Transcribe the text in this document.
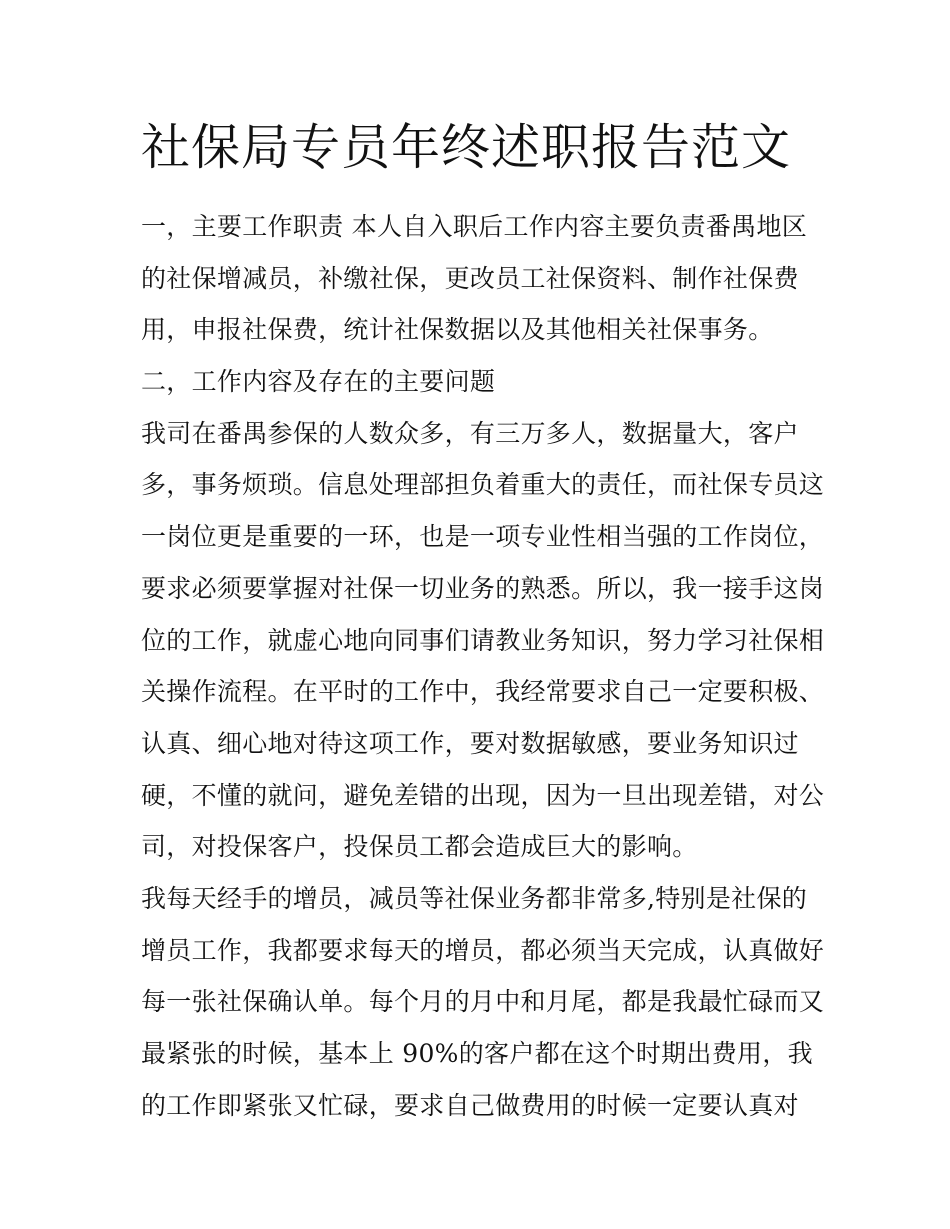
社保局专员年终述职报告范文
一，主要工作职责 本人自入职后工作内容主要负责番禺地区
的社保增减员，补缴社保，更改员工社保资料、制作社保费
用，申报社保费，统计社保数据以及其他相关社保事务。
二，工作内容及存在的主要问题
我司在番禺参保的人数众多，有三万多人，数据量大，客户
多，事务烦琐。信息处理部担负着重大的责任，而社保专员这
一岗位更是重要的一环，也是一项专业性相当强的工作岗位，
要求必须要掌握对社保一切业务的熟悉。所以，我一接手这岗
位的工作，就虚心地向同事们请教业务知识，努力学习社保相
关操作流程。在平时的工作中，我经常要求自己一定要积极、
认真、细心地对待这项工作，要对数据敏感，要业务知识过
硬，不懂的就问，避免差错的出现，因为一旦出现差错，对公
司，对投保客户，投保员工都会造成巨大的影响。
我每天经手的增员，减员等社保业务都非常多,特别是社保的
增员工作，我都要求每天的增员，都必须当天完成，认真做好
每一张社保确认单。每个月的月中和月尾，都是我最忙碌而又
最紧张的时候，基本上 90%的客户都在这个时期出费用，我
的工作即紧张又忙碌，要求自己做费用的时候一定要认真对
